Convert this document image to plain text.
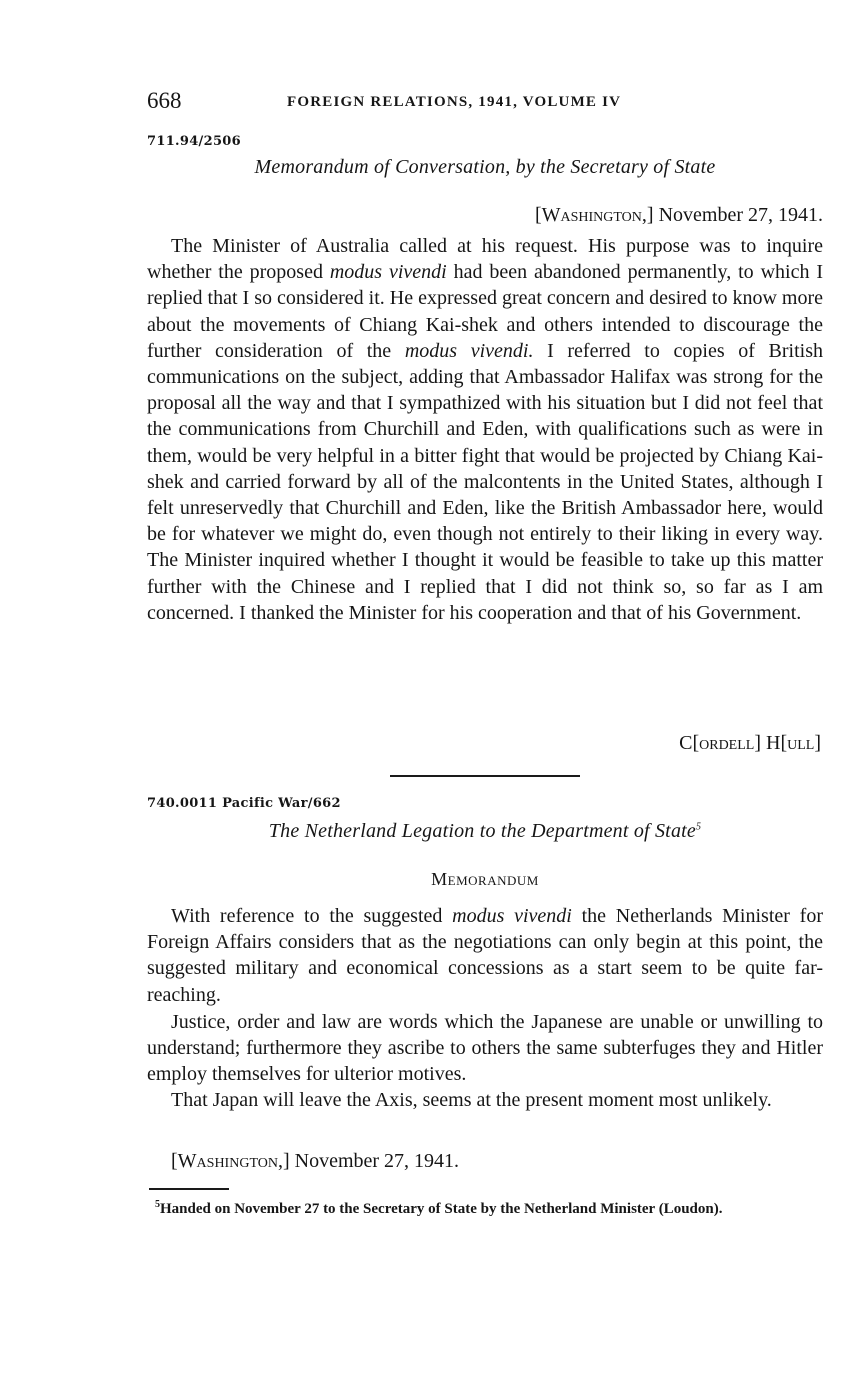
668	FOREIGN RELATIONS, 1941, VOLUME IV
711.94/2506
Memorandum of Conversation, by the Secretary of State
[Washington,] November 27, 1941.

The Minister of Australia called at his request. His purpose was to inquire whether the proposed modus vivendi had been abandoned permanently, to which I replied that I so considered it. He expressed great concern and desired to know more about the movements of Chiang Kai-shek and others intended to discourage the further consideration of the modus vivendi. I referred to copies of British communications on the subject, adding that Ambassador Halifax was strong for the proposal all the way and that I sympathized with his situation but I did not feel that the communications from Churchill and Eden, with qualifications such as were in them, would be very helpful in a bitter fight that would be projected by Chiang Kai-shek and carried forward by all of the malcontents in the United States, although I felt unreservedly that Churchill and Eden, like the British Ambassador here, would be for whatever we might do, even though not entirely to their liking in every way. The Minister inquired whether I thought it would be feasible to take up this matter further with the Chinese and I replied that I did not think so, so far as I am concerned. I thanked the Minister for his cooperation and that of his Government.

C[ordell] H[ull]
740.0011 Pacific War/662
The Netherland Legation to the Department of State$^5$
Memorandum

With reference to the suggested modus vivendi the Netherlands Minister for Foreign Affairs considers that as the negotiations can only begin at this point, the suggested military and economical concessions as a start seem to be quite far-reaching.

Justice, order and law are words which the Japanese are unable or unwilling to understand; furthermore they ascribe to others the same subterfuges they and Hitler employ themselves for ulterior motives.

That Japan will leave the Axis, seems at the present moment most unlikely.

[Washington,] November 27, 1941.

$^5$Handed on November 27 to the Secretary of State by the Netherland Minister (Loudon).
